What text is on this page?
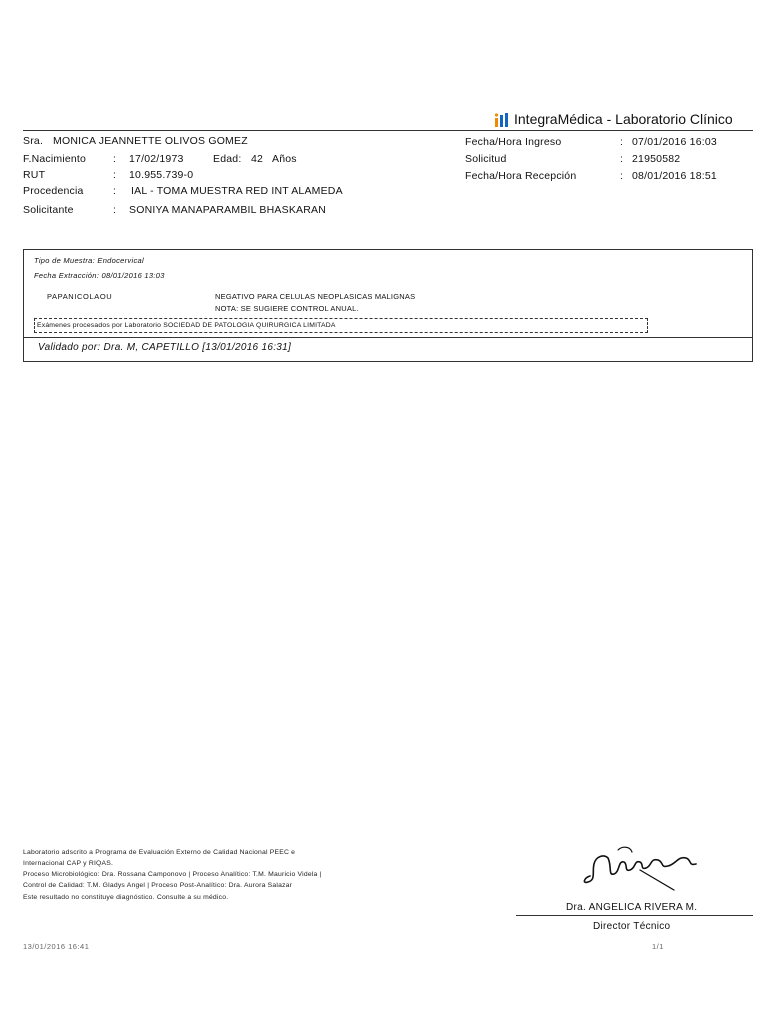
IntegraMédica - Laboratorio Clínico
Sra. MONICA JEANNETTE OLIVOS GOMEZ
F.Nacimiento	: 17/02/1973	Edad: 42 Años
RUT	: 10.955.739-0
Procedencia	: IAL - TOMA MUESTRA RED INT ALAMEDA
Solicitante	: SONIYA MANAPARAMBIL BHASKARAN
Fecha/Hora Ingreso	: 07/01/2016 16:03
Solicitud	: 21950582
Fecha/Hora Recepción	: 08/01/2016 18:51
Tipo de Muestra: Endocervical
Fecha Extracción: 08/01/2016 13:03
PAPANICOLAOU	NEGATIVO PARA CELULAS NEOPLASICAS MALIGNAS
NOTA: SE SUGIERE CONTROL ANUAL.
Exámenes procesados por Laboratorio SOCIEDAD DE PATOLOGIA QUIRURGICA LIMITADA
Validado por: Dra. M, CAPETILLO [13/01/2016 16:31]
Laboratorio adscrito a Programa de Evaluación Externo de Calidad Nacional PEEC e
Internacional CAP y RIQAS.
Proceso Microbiológico: Dra. Rossana Camponovo | Proceso Analítico: T.M. Mauricio Videla |
Control de Calidad: T.M. Gladys Angel | Proceso Post-Analítico: Dra. Aurora Salazar
Este resultado no constituye diagnóstico. Consulte a su médico.
Dra. ANGELICA RIVERA M.
Director Técnico
13/01/2016 16:41	1/1
